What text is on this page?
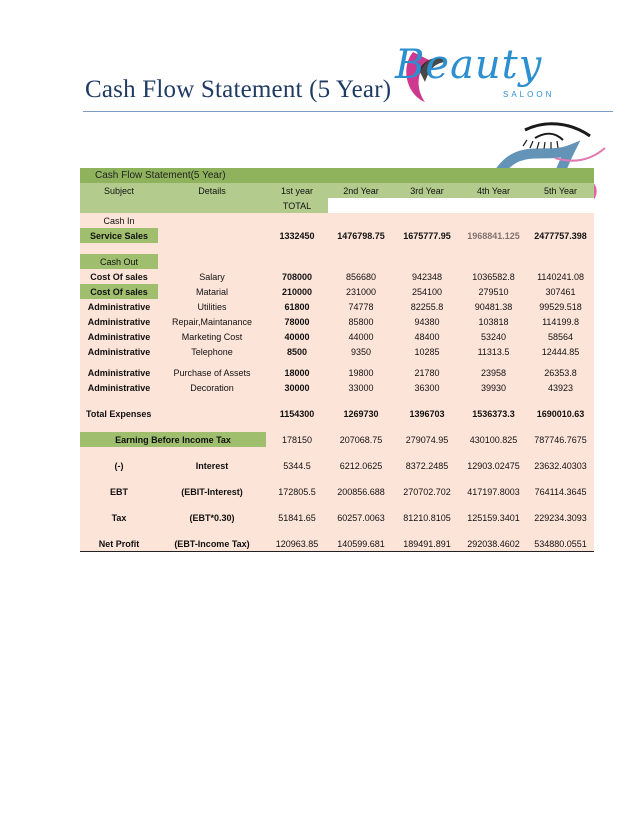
Cash Flow Statement (5 Year)
Beauty
SALOON
Cash Flow Statement(5 Year)						
Subject	Details	1st year	2nd Year	3rd Year	4th Year	5th Year
		TOTAL				
Cash In						
Service Sales		1332450	1476798.75	1675777.95	1968841.125	2477757.398

Cash Out						
Cost Of sales	Salary	708000	856680	942348	1036582.8	1140241.08
Cost Of sales	Matarial	210000	231000	254100	279510	307461
Administrative	Utilities	61800	74778	82255.8	90481.38	99529.518
Administrative	Repair,Maintanance	78000	85800	94380	103818	114199.8
Administrative	Marketing Cost	40000	44000	48400	53240	58564
Administrative	Telephone	8500	9350	10285	11313.5	12444.85

Administrative	Purchase of Assets	18000	19800	21780	23958	26353.8
Administrative	Decoration	30000	33000	36300	39930	43923

Total Expenses		1154300	1269730	1396703	1536373.3	1690010.63

Earning Before Income Tax		178150	207068.75	279074.95	430100.825	787746.7675

(-)	Interest	5344.5	6212.0625	8372.2485	12903.02475	23632.40303

EBT	(EBIT-Interest)	172805.5	200856.688	270702.702	417197.8003	764114.3645

Tax	(EBT*0.30)	51841.65	60257.0063	81210.8105	125159.3401	229234.3093

Net Profit	(EBT-Income Tax)	120963.85	140599.681	189491.891	292038.4602	534880.0551
